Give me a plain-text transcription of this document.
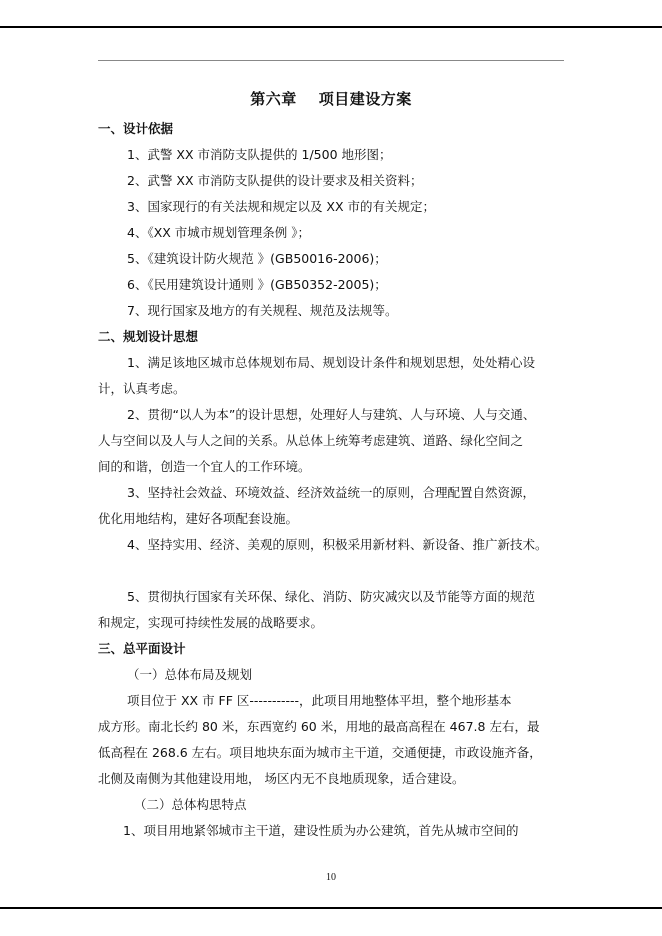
第六章 项目建设方案
一、设计依据
1、武警 XX 市消防支队提供的 1/500 地形图；
2、武警 XX 市消防支队提供的设计要求及相关资料；
3、国家现行的有关法规和规定以及 XX 市的有关规定；
4、《XX 市城市规划管理条例 》；
5、《建筑设计防火规范 》(GB50016-2006)；
6、《民用建筑设计通则 》(GB50352-2005)；
7、现行国家及地方的有关规程、规范及法规等。
二、规划设计思想
1、满足该地区城市总体规划布局、规划设计条件和规划思想，处处精心设
计，认真考虑。
2、贯彻“以人为本”的设计思想，处理好人与建筑、人与环境、人与交通、
人与空间以及人与人之间的关系。从总体上统筹考虑建筑、道路、绿化空间之
间的和谐，创造一个宜人的工作环境。
3、坚持社会效益、环境效益、经济效益统一的原则，合理配置自然资源，
优化用地结构，建好各项配套设施。
4、坚持实用、经济、美观的原则，积极采用新材料、新设备、推广新技术。
5、贯彻执行国家有关环保、绿化、消防、防灾减灾以及节能等方面的规范
和规定，实现可持续性发展的战略要求。
三、总平面设计
（一）总体布局及规划
项目位于 XX 市 FF 区-----------，此项目用地整体平坦，整个地形基本
成方形。南北长约 80 米，东西宽约 60 米，用地的最高高程在 467.8 左右，最
低高程在 268.6 左右。项目地块东面为城市主干道，交通便捷，市政设施齐备，
北侧及南侧为其他建设用地， 场区内无不良地质现象，适合建设。
（二）总体构思特点
1、项目用地紧邻城市主干道，建设性质为办公建筑，首先从城市空间的
10
